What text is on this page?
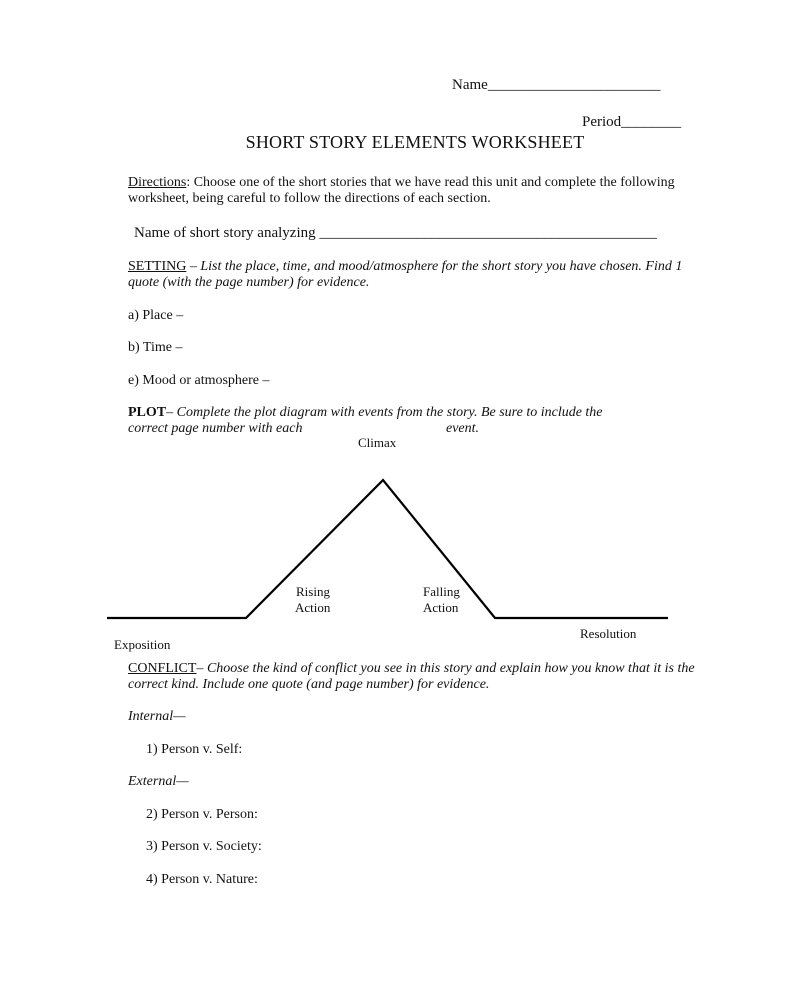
Name_______________________
Period________
SHORT STORY ELEMENTS WORKSHEET
Directions: Choose one of the short stories that we have read this unit and complete the following worksheet, being careful to follow the directions of each section.
Name of short story analyzing _____________________________________________
SETTING – List the place, time, and mood/atmosphere for the short story you have chosen. Find 1 quote (with the page number) for evidence.
a) Place –
b) Time –
e) Mood or atmosphere –
PLOT– Complete the plot diagram with events from the story. Be sure to include the
correct page number with each	event.
Climax
Rising
Action
Falling
Action
Exposition
Resolution
CONFLICT– Choose the kind of conflict you see in this story and explain how you know that it is the correct kind. Include one quote (and page number) for evidence.
Internal—
1) Person v. Self:
External—
2) Person v. Person:
3) Person v. Society:
4) Person v. Nature:
